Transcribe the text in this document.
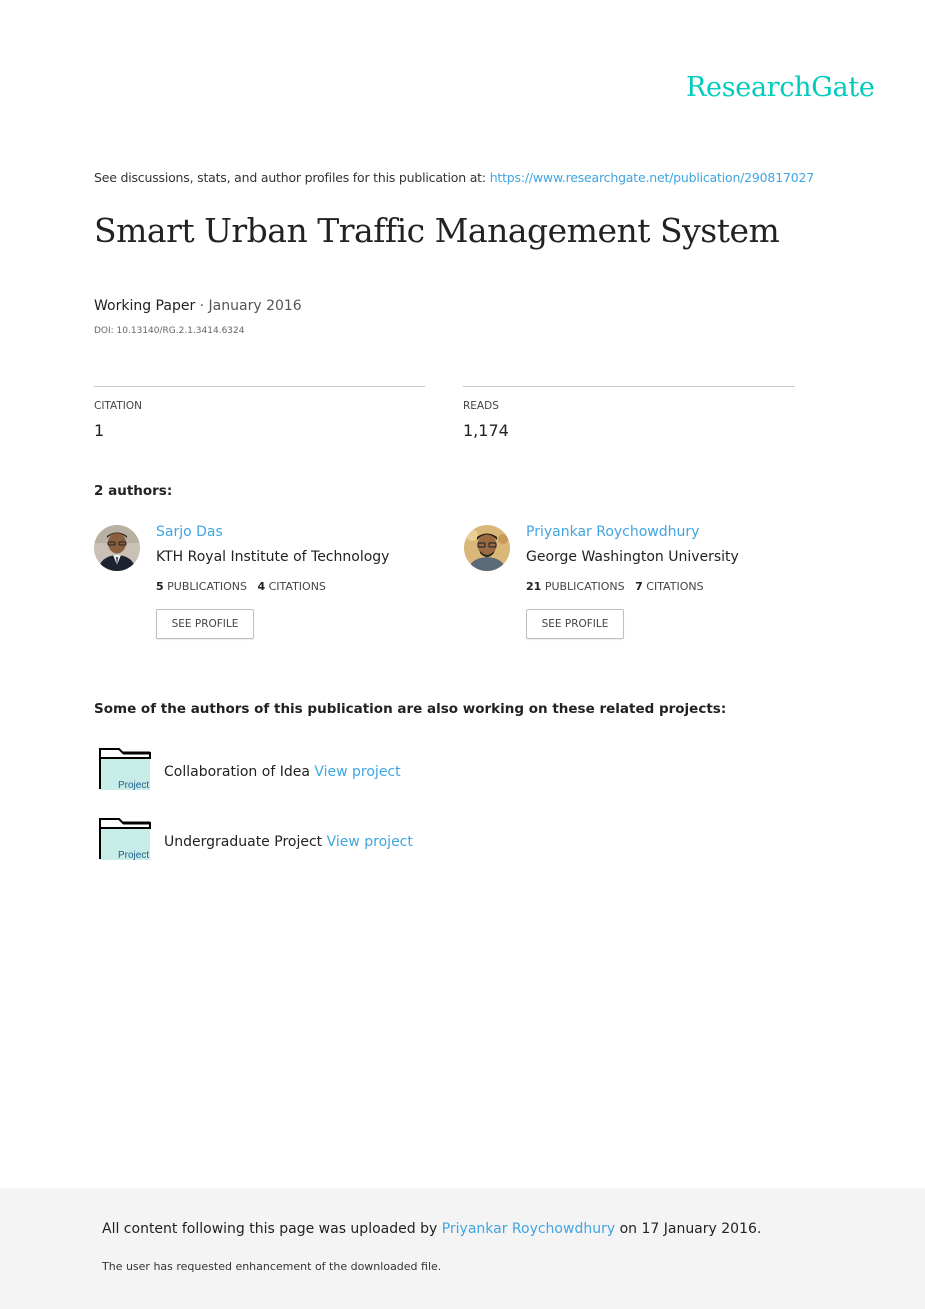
ResearchGate
See discussions, stats, and author profiles for this publication at: https://www.researchgate.net/publication/290817027
Smart Urban Traffic Management System
Working Paper · January 2016
DOI: 10.13140/RG.2.1.3414.6324
CITATION
1
READS
1,174
2 authors:
Sarjo Das
KTH Royal Institute of Technology
5 PUBLICATIONS 4 CITATIONS
SEE PROFILE
Priyankar Roychowdhury
George Washington University
21 PUBLICATIONS 7 CITATIONS
SEE PROFILE
Some of the authors of this publication are also working on these related projects:
Project
Collaboration of Idea View project
Project
Undergraduate Project View project
All content following this page was uploaded by Priyankar Roychowdhury on 17 January 2016.
The user has requested enhancement of the downloaded file.
